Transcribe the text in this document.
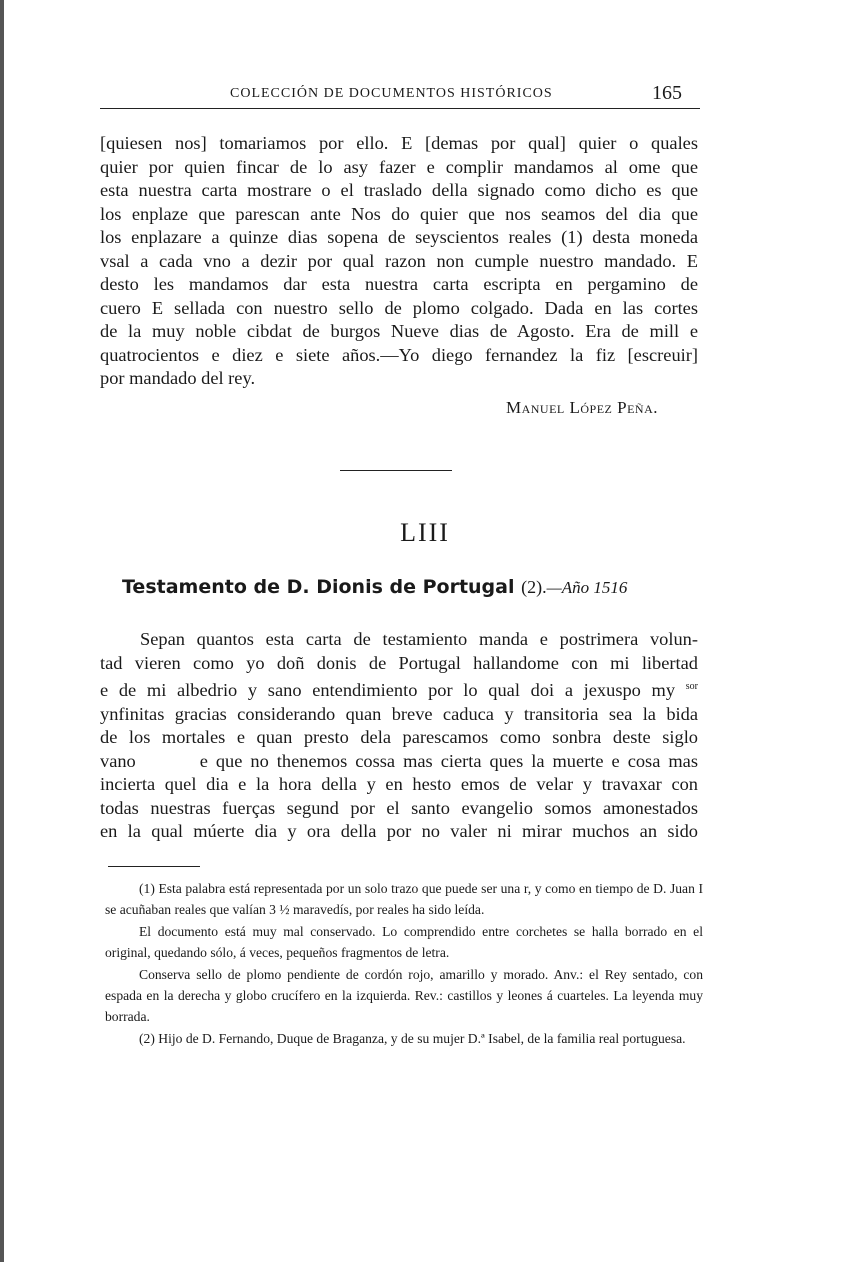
COLECCIÓN DE DOCUMENTOS HISTÓRICOS	165
[quiesen nos] tomariamos por ello. E [demas por qual] quier o quales
quier por quien fincar de lo asy fazer e complir mandamos al ome que
esta nuestra carta mostrare o el traslado della signado como dicho es que
los enplaze que parescan ante Nos do quier que nos seamos del dia que
los enplazare a quinze dias sopena de seyscientos reales (1) desta moneda
vsal a cada vno a dezir por qual razon non cumple nuestro mandado. E
desto les mandamos dar esta nuestra carta escripta en pergamino de
cuero E sellada con nuestro sello de plomo colgado. Dada en las cortes
de la muy noble cibdat de burgos Nueve dias de Agosto. Era de mill e
quatrocientos e diez e siete años.—Yo diego fernandez la fiz [escreuir]
por mandado del rey.
Manuel López Peña.
LIII
Testamento de D. Dionis de Portugal (2).—Año 1516
Sepan quantos esta carta de testamiento manda e postrimera volun-
tad vieren como yo doñ donis de Portugal hallandome con mi libertad
e de mi albedrio y sano entendimiento por lo qual doi a jexuspo my $^{sor}$
ynfinitas gracias considerando quan breve caduca y transitoria sea la bida
de los mortales e quan presto dela parescamos como sonbra deste siglo
vano        e que no thenemos cossa mas cierta ques la muerte e cosa mas
incierta quel dia e la hora della y en hesto emos de velar y travaxar con
todas nuestras fuerças segund por el santo evangelio somos amonestados
en la qual múerte dia y ora della por no valer ni mirar muchos an sido

(1) Esta palabra está representada por un solo trazo que puede ser una r, y como en tiempo de D. Juan I se acuñaban reales que valían 3 ½ maravedís, por reales ha sido leída.

El documento está muy mal conservado. Lo comprendido entre corchetes se halla borrado en el original, quedando sólo, á veces, pequeños fragmentos de letra.

Conserva sello de plomo pendiente de cordón rojo, amarillo y morado. Anv.: el Rey sentado, con espada en la derecha y globo crucífero en la izquierda. Rev.: castillos y leones á cuarteles. La leyenda muy borrada.

(2) Hijo de D. Fernando, Duque de Braganza, y de su mujer D.ª Isabel, de la familia real portuguesa.
